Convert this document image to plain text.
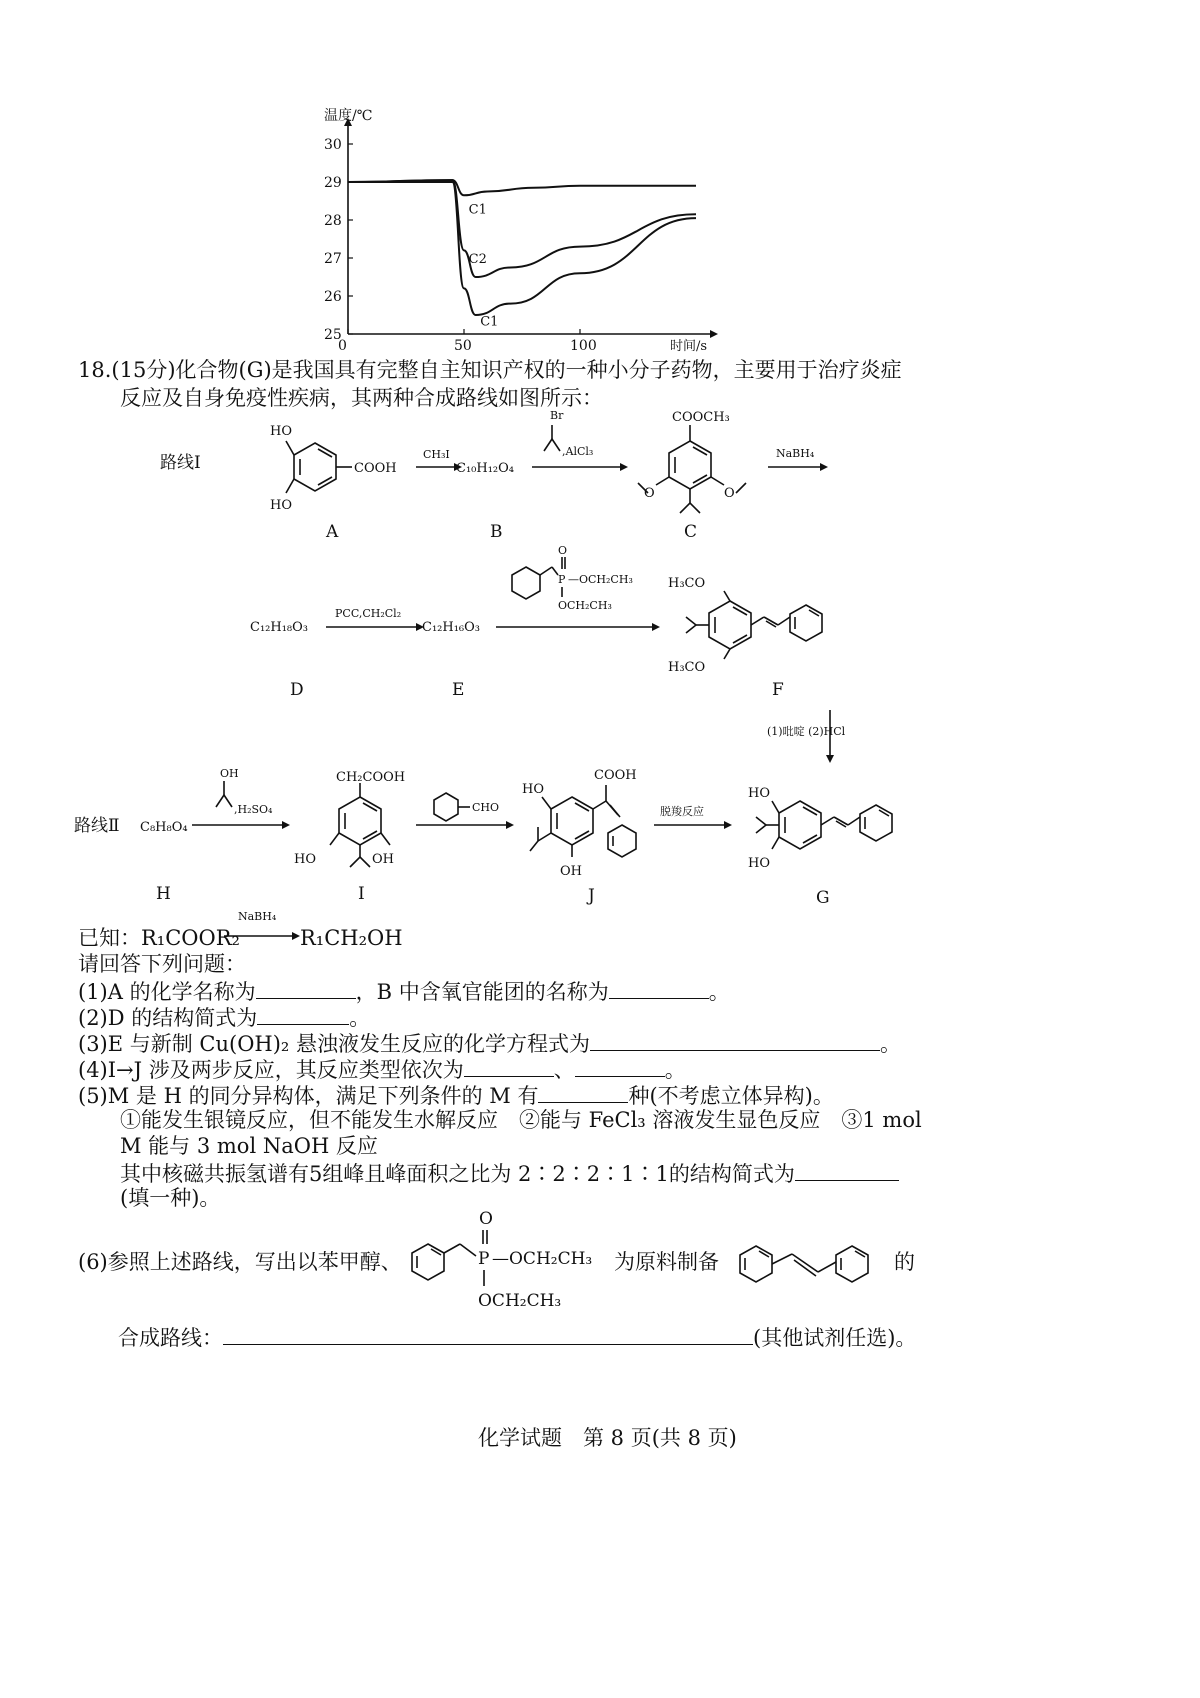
25
26
27
28
29
30
0	50	100
温度/℃
时间/s
C1
C2
C1
18.(15分)化合物(G)是我国具有完整自主知识产权的一种小分子药物，主要用于治疗炎症
反应及自身免疫性疾病，其两种合成路线如图所示：
路线Ⅰ
HO
HO
COOH
A
CH₃I
C₁₀H₁₂O₄
B
Br
,AlCl₃
COOCH₃
O	O
C
NaBH₄
C₁₂H₁₈O₃
D
PCC,CH₂Cl₂
C₁₂H₁₆O₃
E
O
P —OCH₂CH₃
OCH₂CH₃
H₃CO
H₃CO
F
(1)吡啶 (2)HCl
路线Ⅱ C₈H₈O₄
H
OH
,H₂SO₄
CH₂COOH
HO	OH
I
CHO
HO
OH
COOH
J
脱羧反应
HO
HO
G
已知：R₁COOR₂
NaBH₄
R₁CH₂OH
请回答下列问题：
(1)A 的化学名称为	，B 中含氧官能团的名称为	。
(2)D 的结构简式为	。
(3)E 与新制 Cu(OH)₂ 悬浊液发生反应的化学方程式为	。
(4)I→J 涉及两步反应，其反应类型依次为	、	。
(5)M 是 H 的同分异构体，满足下列条件的 M 有	种(不考虑立体异构)。
①能发生银镜反应，但不能发生水解反应　②能与 FeCl₃ 溶液发生显色反应　③1 mol
M 能与 3 mol NaOH 反应
其中核磁共振氢谱有5组峰且峰面积之比为 2∶2∶2∶1∶1的结构简式为
(填一种)。
(6)参照上述路线，写出以苯甲醇、
O
P —OCH₂CH₃
OCH₂CH₃
为原料制备	的
合成路线：	(其他试剂任选)。
化学试题　第 8 页(共 8 页)
